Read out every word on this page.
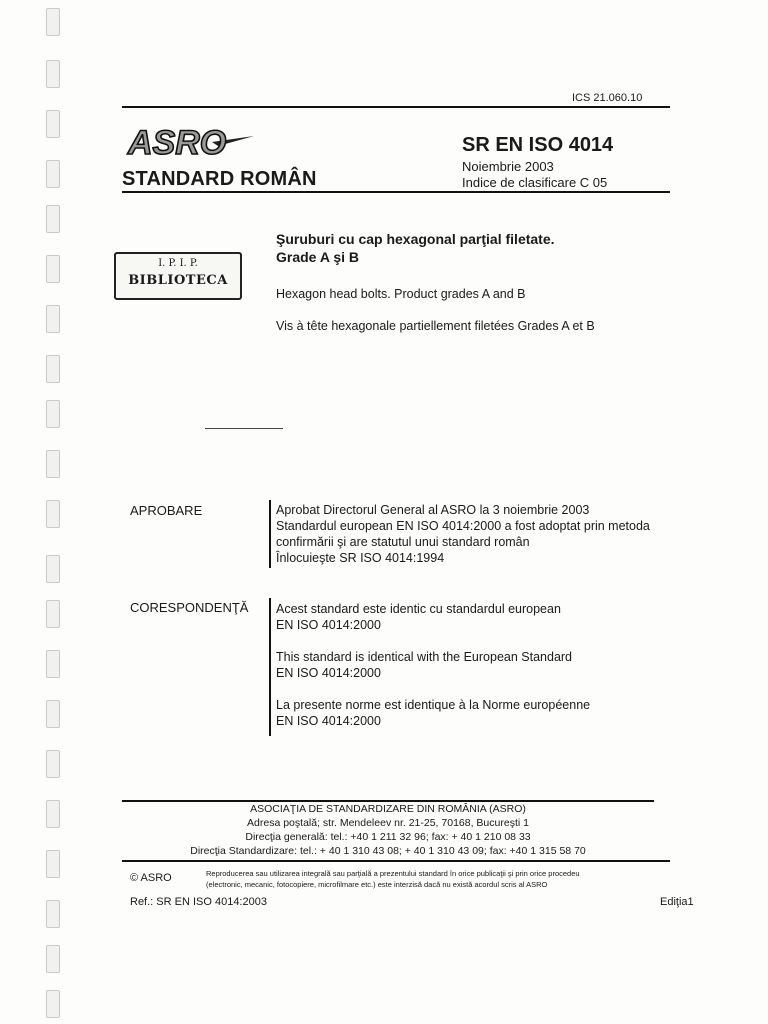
ICS 21.060.10
ASRO
STANDARD ROMÂN
SR EN ISO 4014
Noiembrie 2003
Indice de clasificare C 05
I. P. I. P.
BIBLIOTECA
Şuruburi cu cap hexagonal parţial filetate.
Grade A şi B
Hexagon head bolts. Product grades A and B
Vis à tête hexagonale partiellement filetées Grades A et B
APROBARE	Aprobat Directorul General al ASRO la 3 noiembrie 2003
Standardul european EN ISO 4014:2000 a fost adoptat prin metoda
confirmării şi are statutul unui standard român
Înlocuieşte SR ISO 4014:1994
CORESPONDENŢĂ Acest standard este identic cu standardul european
EN ISO 4014:2000

This standard is identical with the European Standard
EN ISO 4014:2000

La presente norme est identique à la Norme européenne
EN ISO 4014:2000

ASOCIAŢIA DE STANDARDIZARE DIN ROMÂNIA (ASRO)
Adresa poştală; str. Mendeleev nr. 21-25, 70168, Bucureşti 1
Direcţia generală: tel.: +40 1 211 32 96; fax: + 40 1 210 08 33
Direcţia Standardizare: tel.: + 40 1 310 43 08; + 40 1 310 43 09; fax: +40 1 315 58 70
© ASRO	Reproducerea sau utilizarea integrală sau parţială a prezentului standard în orice publicaţii şi prin orice procedeu
(electronic, mecanic, fotocopiere, microfilmare etc.) este interzisă dacă nu există acordul scris al ASRO
Ref.: SR EN ISO 4014:2003	Ediţia1
